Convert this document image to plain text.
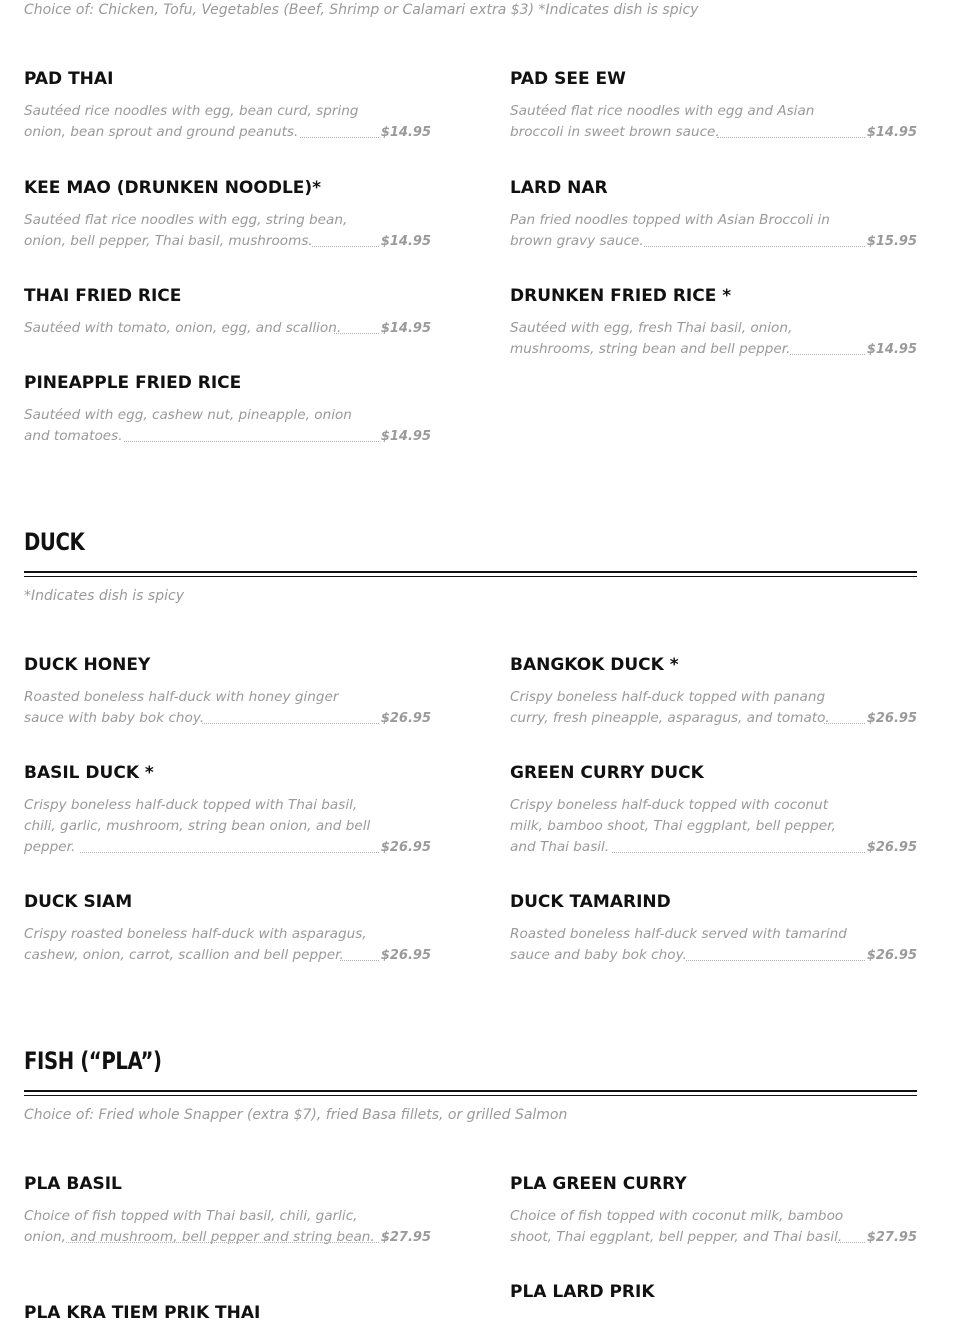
Choice of: Chicken, Tofu, Vegetables (Beef, Shrimp or Calamari extra $3) *Indicates dish is spicy
PAD THAI
Sautéed rice noodles with egg, bean curd, spring onion, bean sprout and ground peanuts.	$14.95
PAD SEE EW
Sautéed flat rice noodles with egg and Asian broccoli in sweet brown sauce.	$14.95
KEE MAO (DRUNKEN NOODLE)*
Sautéed flat rice noodles with egg, string bean, onion, bell pepper, Thai basil, mushrooms.	$14.95
LARD NAR
Pan fried noodles topped with Asian Broccoli in brown gravy sauce.	$15.95
THAI FRIED RICE
Sautéed with tomato, onion, egg, and scallion.	$14.95
DRUNKEN FRIED RICE *
Sautéed with egg, fresh Thai basil, onion, mushrooms, string bean and bell pepper.	$14.95
PINEAPPLE FRIED RICE
Sautéed with egg, cashew nut, pineapple, onion and tomatoes.	$14.95
DUCK
*Indicates dish is spicy
DUCK HONEY
Roasted boneless half-duck with honey ginger sauce with baby bok choy.	$26.95
BANGKOK DUCK *
Crispy boneless half-duck topped with panang curry, fresh pineapple, asparagus, and tomato.	$26.95
BASIL DUCK *
Crispy boneless half-duck topped with Thai basil, chili, garlic, mushroom, string bean onion, and bell pepper.	$26.95
GREEN CURRY DUCK
Crispy boneless half-duck topped with coconut milk, bamboo shoot, Thai eggplant, bell pepper, and Thai basil.	$26.95
DUCK SIAM
Crispy roasted boneless half-duck with asparagus, cashew, onion, carrot, scallion and bell pepper.	$26.95
DUCK TAMARIND
Roasted boneless half-duck served with tamarind sauce and baby bok choy.	$26.95
FISH (“PLA”)
Choice of: Fried whole Snapper (extra $7), fried Basa fillets, or grilled Salmon
PLA BASIL
Choice of fish topped with Thai basil, chili, garlic, onion, and mushroom, bell pepper and string bean. $27.95
PLA GREEN CURRY
Choice of fish topped with coconut milk, bamboo shoot, Thai eggplant, bell pepper, and Thai basil.	$27.95
PLA LARD PRIK
PLA KRA TIEM PRIK THAI
